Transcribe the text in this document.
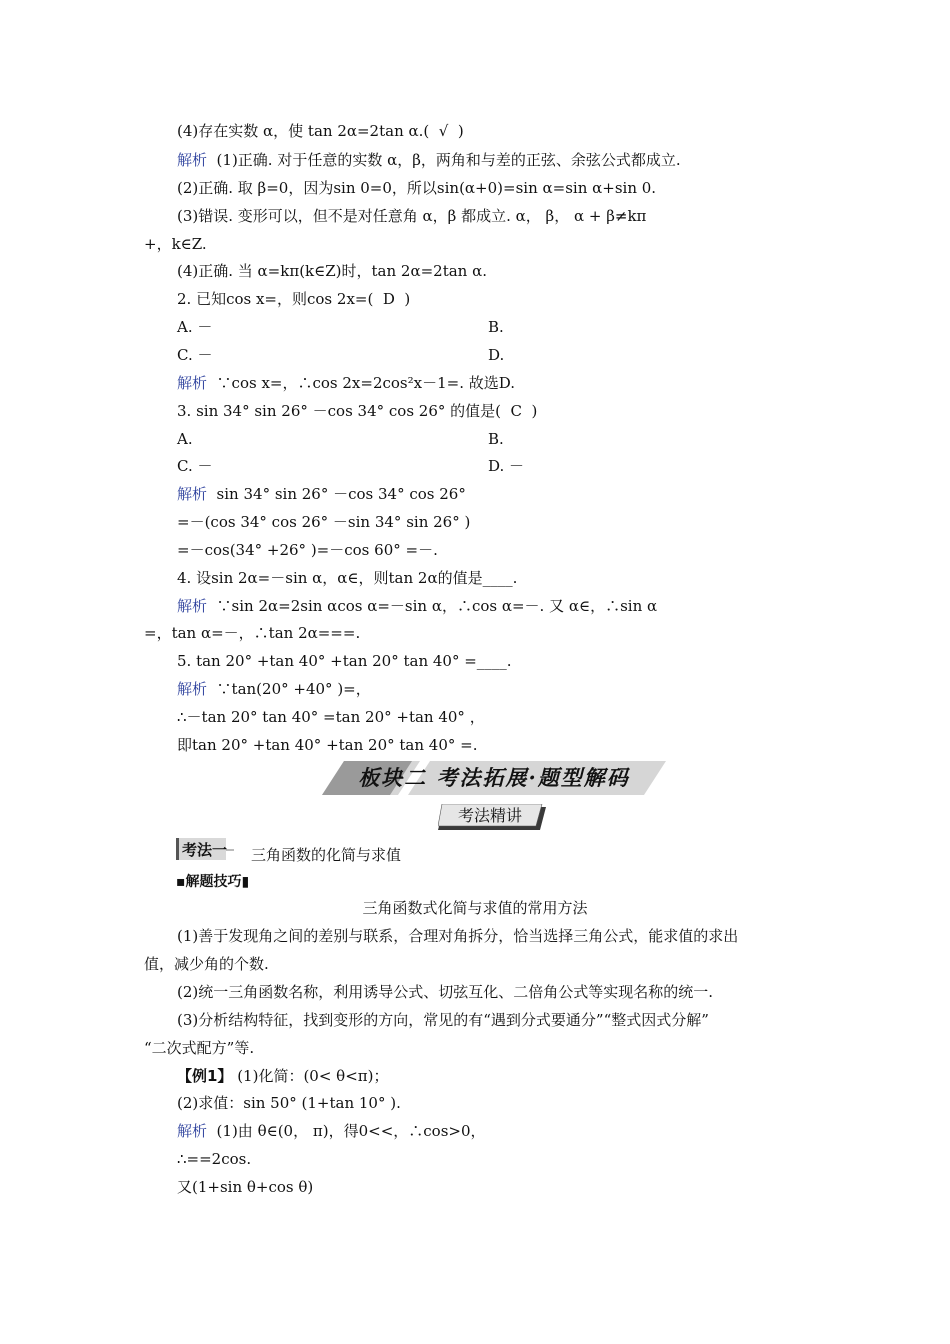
(4)存在实数 α，使 tan 2α=2tan α.(  √  )
解析  (1)正确. 对于任意的实数 α，β，两角和与差的正弦、余弦公式都成立.
(2)正确. 取 β=0，因为sin 0=0，所以sin(α+0)=sin α=sin α+sin 0.
(3)错误. 变形可以，但不是对任意角 α，β 都成立. α， β， α + β≠kπ
+，k∈Z.
(4)正确. 当 α=kπ(k∈Z)时，tan 2α=2tan α.
2. 已知cos x=，则cos 2x=(  D  )
A. －	B.
C. －	D.
解析  ∵cos x=，∴cos 2x=2cos²x－1=. 故选D.
3. sin 34° sin 26° －cos 34° cos 26° 的值是(  C  )
A.	B.
C. －	D. －
解析  sin 34° sin 26° －cos 34° cos 26°
=－(cos 34° cos 26° －sin 34° sin 26° )
=－cos(34° +26° )=－cos 60° =－.
4. 设sin 2α=－sin α，α∈，则tan 2α的值是____.
解析  ∵sin 2α=2sin αcos α=－sin α，∴cos α=－. 又 α∈，∴sin α
=，tan α=－，∴tan 2α===.
5. tan 20° +tan 40° +tan 20° tan 40° =____.
解析  ∵tan(20° +40° )=，
∴－tan 20° tan 40° =tan 20° +tan 40° ，
即tan 20° +tan 40° +tan 20° tan 40° =.
板块二 考法拓展·题型解码
考法精讲
考法一 三角函数的化简与求值
▪解题技巧▮
三角函数式化简与求值的常用方法
(1)善于发现角之间的差别与联系，合理对角拆分，恰当选择三角公式，能求值的求出
值，减少角的个数.
(2)统一三角函数名称，利用诱导公式、切弦互化、二倍角公式等实现名称的统一.
(3)分析结构特征，找到变形的方向，常见的有“遇到分式要通分”“整式因式分解”
“二次式配方”等.
【例1】 (1)化简：(0< θ<π)；
(2)求值：sin 50° (1+tan 10° ).
解析  (1)由 θ∈(0， π)，得0<<，∴cos>0，
∴==2cos.
又(1+sin θ+cos θ)
